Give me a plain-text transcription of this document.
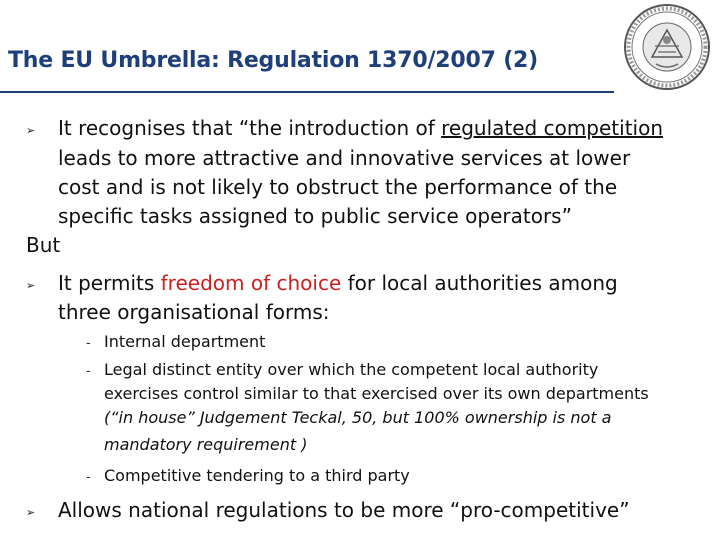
The EU Umbrella: Regulation 1370/2007 (2)
➢ It recognises that “the introduction of regulated competition
leads to more attractive and innovative services at lower
cost and is not likely to obstruct the performance of the
specific tasks assigned to public service operators”
But
➢ It permits freedom of choice for local authorities among
three organisational forms:
- Internal department
- Legal distinct entity over which the competent local authority
exercises control similar to that exercised over its own departments
(“in house” Judgement Teckal, 50, but 100% ownership is not a
mandatory requirement )
- Competitive tendering to a third party
➢ Allows national regulations to be more “pro-competitive”
